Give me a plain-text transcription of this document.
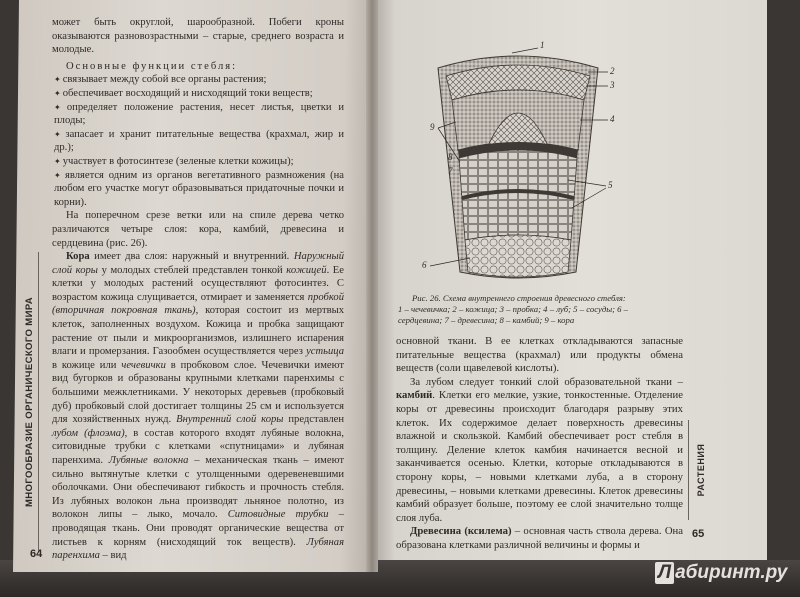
может быть округлой, шарообразной. Побеги кроны оказываются разновозрастными – старые, среднего возраста и молодые.

Основные функции стебля:

✦ связывает между собой все органы растения;

✦ обеспечивает восходящий и нисходящий токи веществ;

✦ определяет положение растения, несет листья, цветки и плоды;

✦ запасает и хранит питательные вещества (крахмал, жир и др.);

✦ участвует в фотосинтезе (зеленые клетки кожицы);

✦ является одним из органов вегетативного размножения (на любом его участке могут образовываться придаточные почки и корни).

На поперечном срезе ветки или на спиле дерева четко различаются четыре слоя: кора, камбий, древесина и сердцевина (рис. 26).

Кора имеет два слоя: наружный и внутренний. Наружный слой коры у молодых стеблей представлен тонкой кожицей. Ее клетки у молодых растений осуществляют фотосинтез. С возрастом кожица слущивается, отмирает и заменяется пробкой (вторичная покровная ткань), которая состоит из мертвых клеток, заполненных воздухом. Кожица и пробка защищают растение от пыли и микроорганизмов, излишнего испарения влаги и промерзания. Газообмен осуществляется через устьица в кожице или чечевички в пробковом слое. Чечевички имеют вид бугорков и образованы крупными клетками паренхимы с большими межклетниками. У некоторых деревьев (пробковый дуб) пробковый слой достигает толщины 25 см и используется для хозяйственных нужд. Внутренний слой коры представлен лубом (флоэма), в состав которого входят лубяные волокна, ситовидные трубки с клетками «спутницами» и лубяная паренхима. Лубяные волокна – механическая ткань – имеют сильно вытянутые клетки с утолщенными одеревеневшими оболочками. Они обеспечивают гибкость и прочность стебля. Из лубяных волокон льна производят льняное полотно, из волокон липы – лыко, мочало. Ситовидные трубки – проводящая ткань. Они проводят органические вещества от листьев к корням (нисходящий ток веществ). Лубяная паренхима – вид

МНОГООБРАЗИЕ ОРГАНИЧЕСКОГО МИРА
64
1
2
3
4
5
6
7
8
9
Рис. 26. Схема внутреннего строения древесного стебля:
1 – чечевичка; 2 – кожица; 3 – пробка; 4 – луб; 5 – сосуды; 6 – сердцевина; 7 – древесина; 8 – камбий; 9 – кора

основной ткани. В ее клетках откладываются запасные питательные вещества (крахмал) или продукты обмена веществ (соли щавелевой кислоты).

За лубом следует тонкий слой образовательной ткани – камбий. Клетки его мелкие, узкие, тонкостенные. Отделение коры от древесины происходит благодаря разрыву этих клеток. Их содержимое делает поверхность древесины влажной и скользкой. Камбий обеспечивает рост стебля в толщину. Деление клеток камбия начинается весной и заканчивается осенью. Клетки, которые откладываются в сторону коры, – новыми клетками луба, а в сторону древесины, – новыми клетками древесины. Клеток древесины камбий образует больше, поэтому ее слой значительно толще слоя луба.

Древесина (ксилема) – основная часть ствола дерева. Она образована клетками различной величины и формы и

РАСТЕНИЯ
65
Л абиринт.ру
